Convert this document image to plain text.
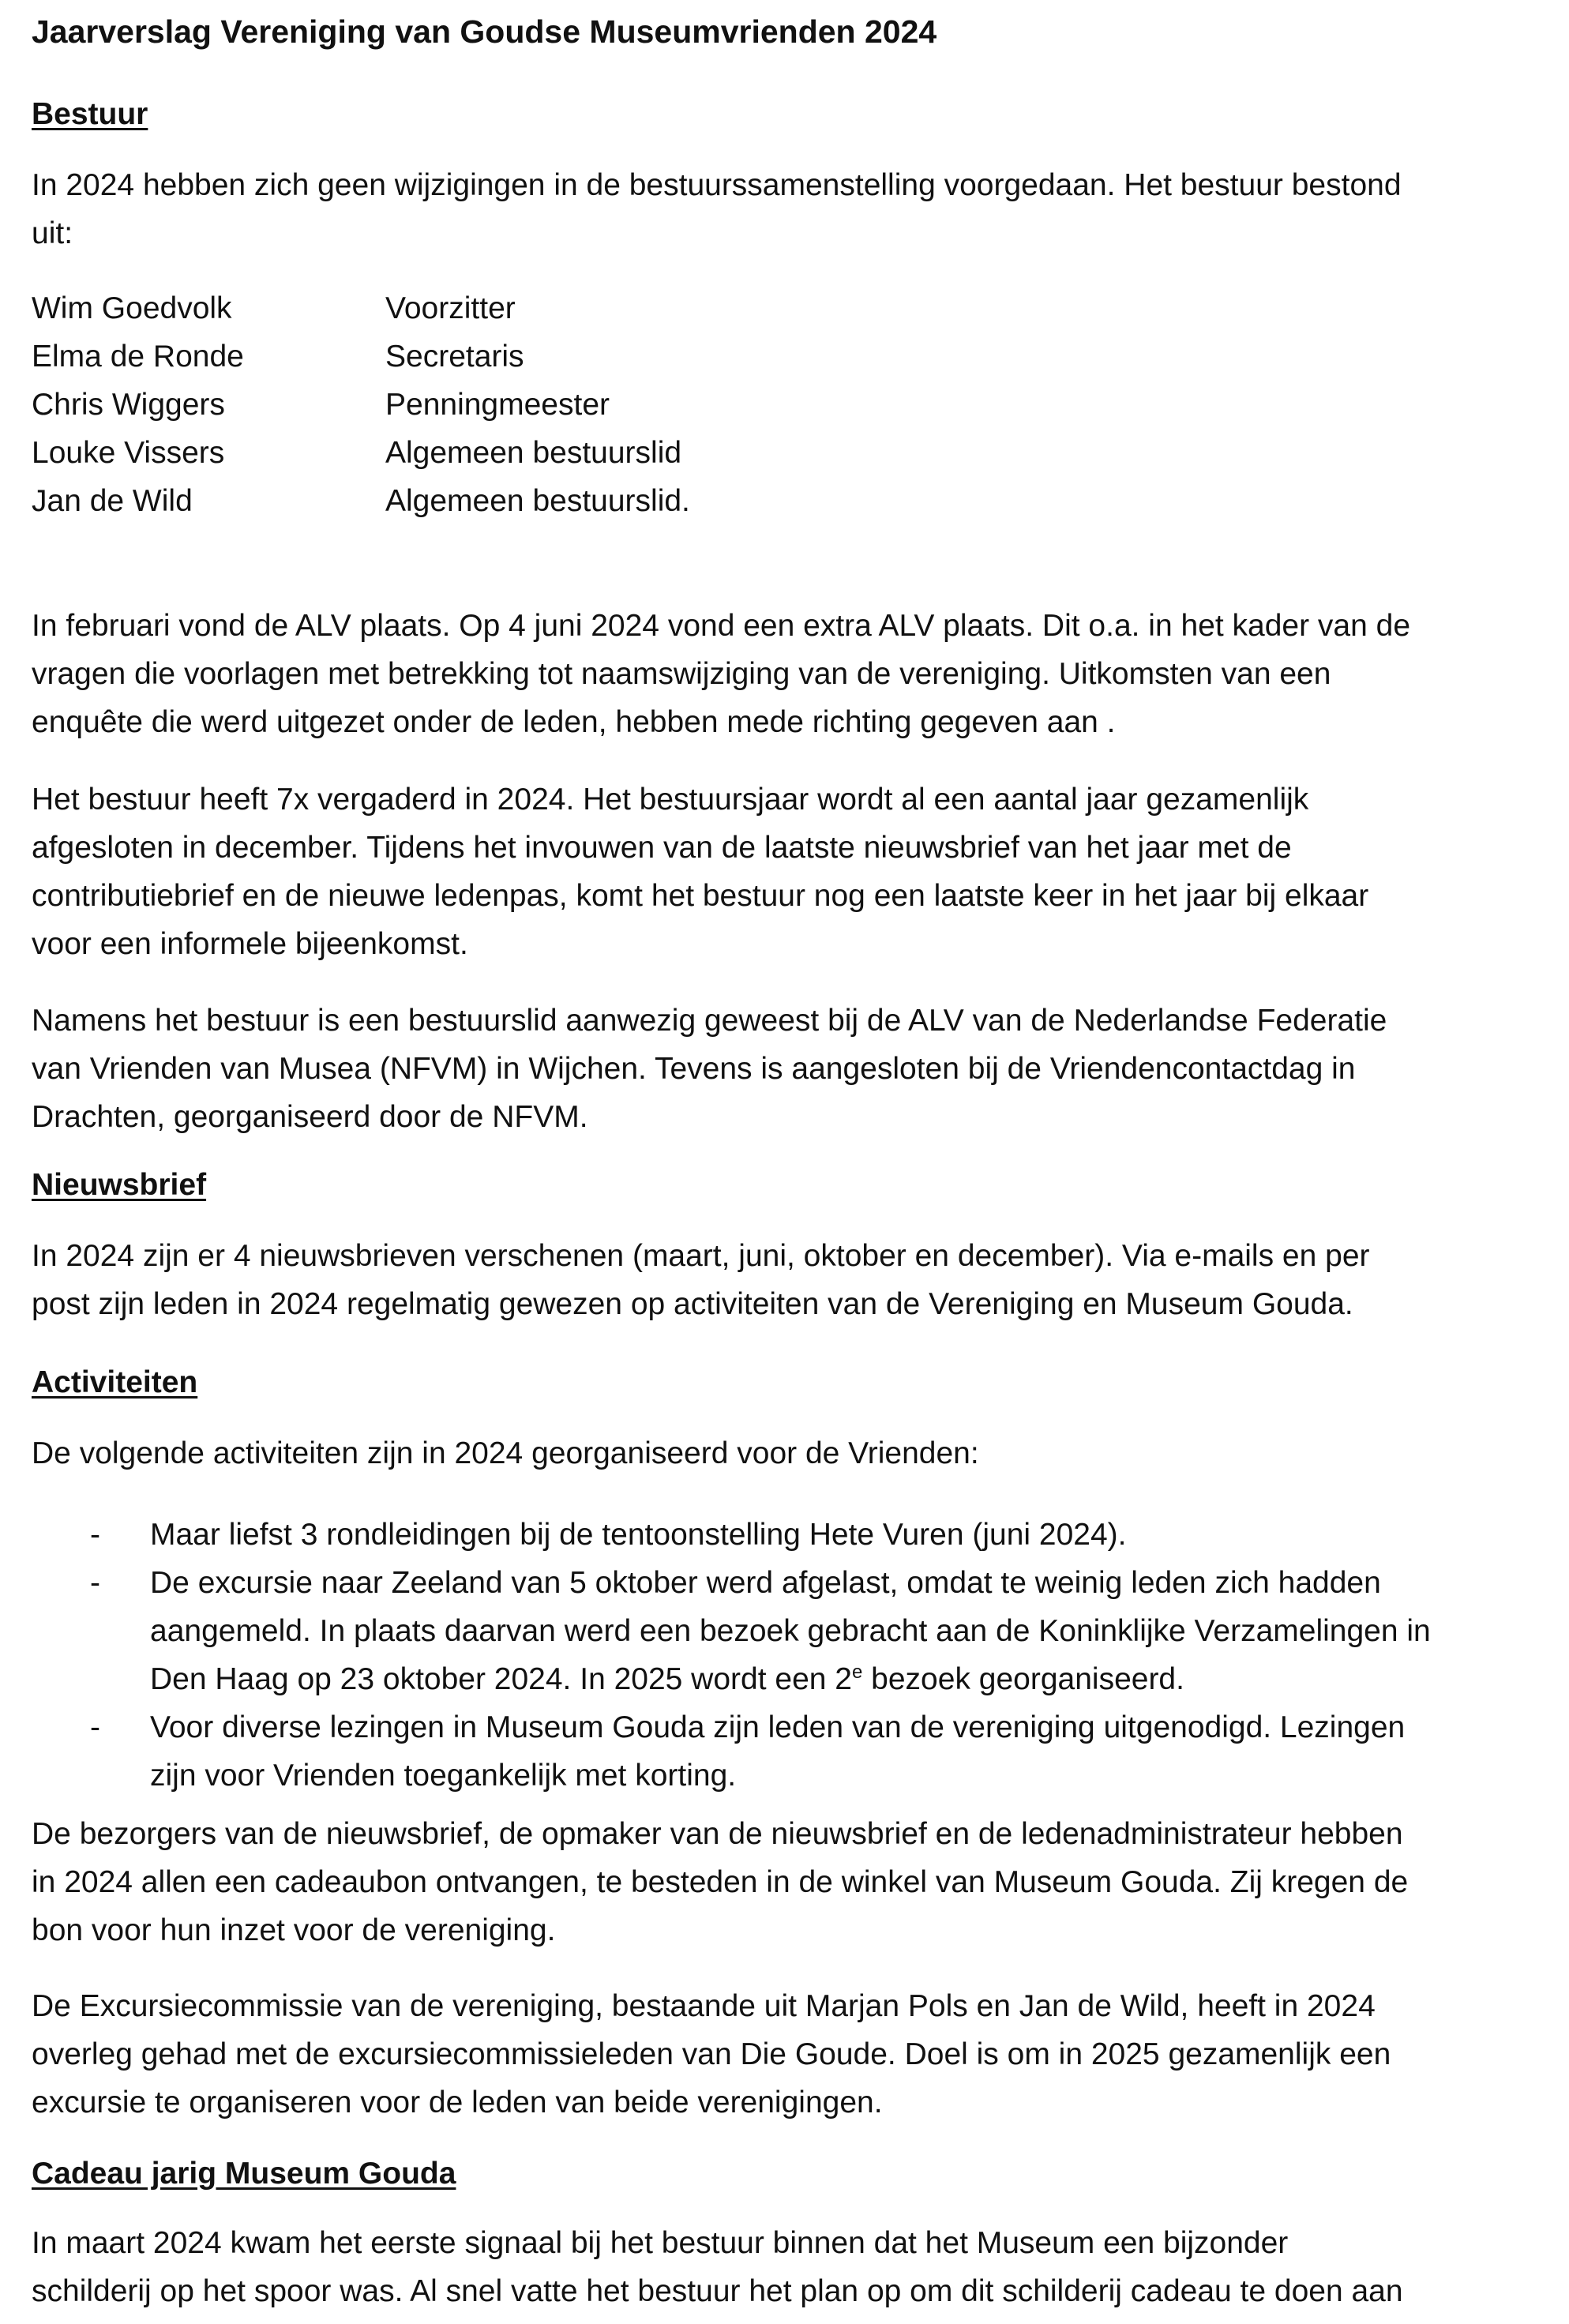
Jaarverslag Vereniging van Goudse Museumvrienden 2024
Bestuur

In 2024 hebben zich geen wijzigingen in de bestuurssamenstelling voorgedaan. Het bestuur bestond
uit:

Wim Goedvolk	Voorzitter
Elma de Ronde	Secretaris
Chris Wiggers	Penningmeester
Louke Vissers	Algemeen bestuurslid
Jan de Wild	Algemeen bestuurslid.

In februari vond de ALV plaats. Op 4 juni 2024 vond een extra ALV plaats. Dit o.a. in het kader van de
vragen die voorlagen met betrekking tot naamswijziging van de vereniging. Uitkomsten van een
enquête die werd uitgezet onder de leden, hebben mede richting gegeven aan .

Het bestuur heeft 7x vergaderd in 2024. Het bestuursjaar wordt al een aantal jaar gezamenlijk
afgesloten in december. Tijdens het invouwen van de laatste nieuwsbrief van het jaar met de
contributiebrief en de nieuwe ledenpas, komt het bestuur nog een laatste keer in het jaar bij elkaar
voor een informele bijeenkomst.

Namens het bestuur is een bestuurslid aanwezig geweest bij de ALV van de Nederlandse Federatie
van Vrienden van Musea (NFVM) in Wijchen. Tevens is aangesloten bij de Vriendencontactdag in
Drachten, georganiseerd door de NFVM.

Nieuwsbrief

In 2024 zijn er 4 nieuwsbrieven verschenen (maart, juni, oktober en december). Via e-mails en per
post zijn leden in 2024 regelmatig gewezen op activiteiten van de Vereniging en Museum Gouda.

Activiteiten

De volgende activiteiten zijn in 2024 georganiseerd voor de Vrienden:

- Maar liefst 3 rondleidingen bij de tentoonstelling Hete Vuren (juni 2024).
- De excursie naar Zeeland van 5 oktober werd afgelast, omdat te weinig leden zich hadden
aangemeld. In plaats daarvan werd een bezoek gebracht aan de Koninklijke Verzamelingen in
Den Haag op 23 oktober 2024. In 2025 wordt een 2e bezoek georganiseerd.
- Voor diverse lezingen in Museum Gouda zijn leden van de vereniging uitgenodigd. Lezingen
zijn voor Vrienden toegankelijk met korting.

De bezorgers van de nieuwsbrief, de opmaker van de nieuwsbrief en de ledenadministrateur hebben
in 2024 allen een cadeaubon ontvangen, te besteden in de winkel van Museum Gouda. Zij kregen de
bon voor hun inzet voor de vereniging.

De Excursiecommissie van de vereniging, bestaande uit Marjan Pols en Jan de Wild, heeft in 2024
overleg gehad met de excursiecommissieleden van Die Goude. Doel is om in 2025 gezamenlijk een
excursie te organiseren voor de leden van beide verenigingen.

Cadeau jarig Museum Gouda

In maart 2024 kwam het eerste signaal bij het bestuur binnen dat het Museum een bijzonder
schilderij op het spoor was. Al snel vatte het bestuur het plan op om dit schilderij cadeau te doen aan
